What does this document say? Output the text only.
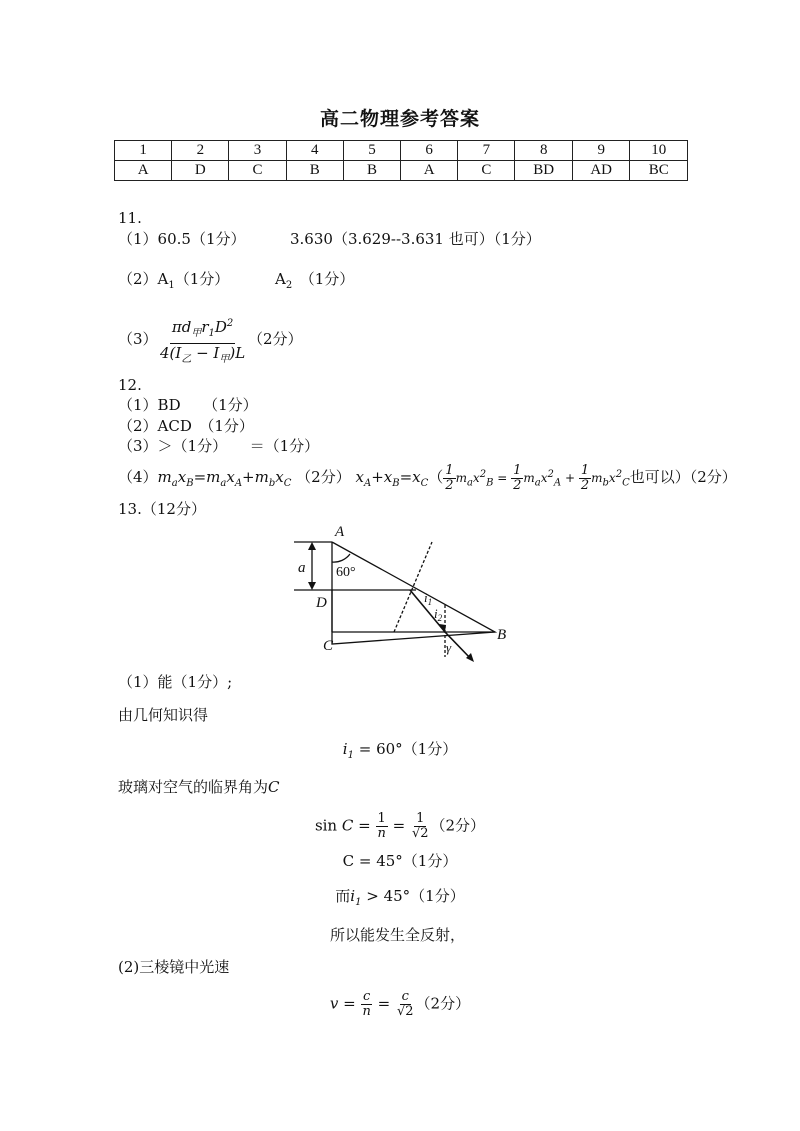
高二物理参考答案
1	2	3	4	5	6	7	8	9	10
A	D	C	B	B	A	C	BD	AD	BC
11.
（1）60.5（1分）	3.630（3.629--3.631 也可）（1分）
$(2)A_1(1$分）	$A_2$　 （1分）
$(3) \frac{\pi d_甲r_1D^2}{4(I_乙 - I_甲)L} (2$分）
12.
（1）BD　　（1分）
（2）ACD　（1分）
（3）＞（1分）　　＝（1分）
$(4)m_ax_B=m_ax_A+m_bx_C$ （2分） $x_A+x_B=x_C( \frac{1}{2} m_ax^2_B = \frac{1}{2} m_ax^2_A + \frac{1}{2} m_bx^2_C$也可以）（2分）
13.（12分）
A
B
C
D
a
$i_1$
$i_2$
γ
60°
（1）能（1分）;
由几何知识得
$i_1 = 60^\circ(1$分）
玻璃对空气的临界角为C
$\sin C = \frac{1}{n} = \frac{1}{√2} (2$分）
C = 45°（1分）
而$i_1 > 45^\circ(1$分）
所以能发生全反射，
(2)三棱镜中光速
$v = \frac{c}{n} = \frac{c}{√2} (2$分）
